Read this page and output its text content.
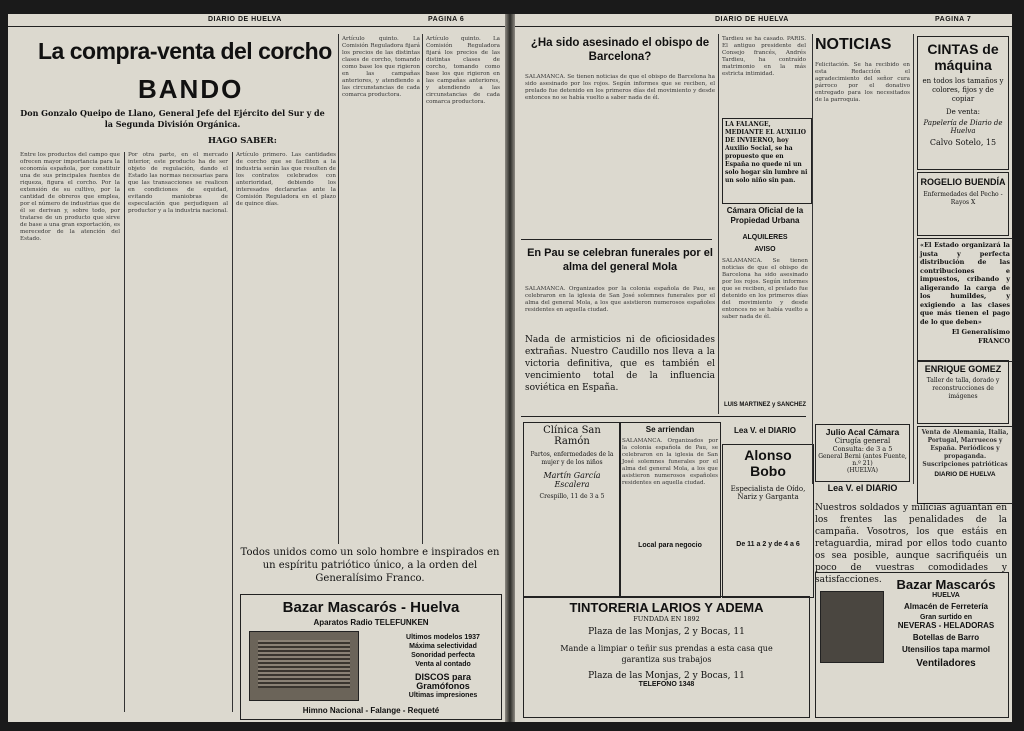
DIARIO DE HUELVA	PAGINA 6
La compra-venta del corcho
BANDO
Don Gonzalo Queipo de Llano, General Jefe del Ejército del Sur y de la Segunda División Orgánica.
HAGO SABER:
Entre los productos del campo que ofrecen mayor importancia para la economía española, por constituir una de sus principales fuentes de riqueza, figura el corcho. Por la extensión de su cultivo, por la cantidad de obreros que emplea, por el número de industrias que de él se derivan y, sobre todo, por tratarse de un producto que sirve de base a una gran exportación, es merecedor de la atención del Estado.
Por otra parte, en el mercado interior, este producto ha de ser objeto de regulación, dando el Estado las normas necesarias para que las transacciones se realicen en condiciones de equidad, evitando maniobras de especulación que perjudiquen al productor y a la industria nacional.
Artículo primero. Las cantidades de corcho que se faciliten a la industria serán las que resulten de los contratos celebrados con anterioridad, debiendo los interesados declararlas ante la Comisión Reguladora en el plazo de quince días.
Artículo quinto. La Comisión Reguladora fijará los precios de las distintas clases de corcho, tomando como base los que rigieron en las campañas anteriores, y atendiendo a las circunstancias de cada comarca productora.
Artículo quinto. La Comisión Reguladora fijará los precios de las distintas clases de corcho, tomando como base los que rigieron en las campañas anteriores, y atendiendo a las circunstancias de cada comarca productora.
Todos unidos como un solo hombre e inspirados en un espíritu patriótico único, a la orden del Generalísimo Franco.
Bazar Mascarós - Huelva
Aparatos Radio TELEFUNKEN
Ultimos modelos 1937
Máxima selectividad
Sonoridad perfecta
Venta al contado
DISCOS para Gramófonos
Ultimas impresiones
Himno Nacional - Falange - Requeté
DIARIO DE HUELVA	PAGINA 7
¿Ha sido asesinado el obispo de Barcelona?
SALAMANCA. Se tienen noticias de que el obispo de Barcelona ha sido asesinado por los rojos. Según informes que se reciben, el prelado fue detenido en los primeros días del movimiento y desde entonces no se había vuelto a saber nada de él.
En Pau se celebran funerales por el alma del general Mola
SALAMANCA. Organizados por la colonia española de Pau, se celebraron en la iglesia de San José solemnes funerales por el alma del general Mola, a los que asistieron numerosos españoles residentes en aquella ciudad.
Nada de armisticios ni de oficiosidades extrañas. Nuestro Caudillo nos lleva a la victoria definitiva, que es también el vencimiento total de la influencia soviética en España.
Tardieu se ha casado. PARIS. El antiguo presidente del Consejo francés, Andrés Tardieu, ha contraído matrimonio en la más estricta intimidad.
LA FALANGE, MEDIANTE EL AUXILIO DE INVIERNO, hoy Auxilio Social, se ha propuesto que en España no quede ni un solo hogar sin lumbre ni un solo niño sin pan.
Cámara Oficial de la Propiedad Urbana
ALQUILERES
AVISO
SALAMANCA. Se tienen noticias de que el obispo de Barcelona ha sido asesinado por los rojos. Según informes que se reciben, el prelado fue detenido en los primeros días del movimiento y desde entonces no se había vuelto a saber nada de él.
LUIS MARTINEZ y SANCHEZ
Clínica San Ramón
Partos, enfermedades de la mujer y de los niños
Martín García Escalera
Crespillo, 11 de 3 a 5
Se arriendan
SALAMANCA. Organizados por la colonia española de Pau, se celebraron en la iglesia de San José solemnes funerales por el alma del general Mola, a los que asistieron numerosos españoles residentes en aquella ciudad.
Local para negocio
Lea V. el DIARIO
Alonso Bobo
Especialista de Oído,
Nariz y Garganta
De 11 a 2 y de 4 a 6
TINTORERIA LARIOS Y ADEMA
FUNDADA EN 1892
Plaza de las Monjas, 2 y Bocas, 11
Mande a limpiar o teñir sus prendas a esta casa que garantiza sus trabajos
Plaza de las Monjas, 2 y Bocas, 11
TELEFONO 1348
NOTICIAS
Felicitación. Se ha recibido en esta Redacción el agradecimiento del señor cura párroco por el donativo entregado para los necesitados de la parroquia.
CINTAS de máquina
en todos los tamaños y colores, fijos y de copiar
De venta:
Papelería de Diario de Huelva
Calvo Sotelo, 15
ROGELIO BUENDÍA
Enfermedades del Pecho - Rayos X
«El Estado organizará la justa y perfecta distribución de las contribuciones e impuestos, cribando y aligerando la carga de los humildes, y exigiendo a las clases que más tienen el pago de lo que deben»
El Generalísimo FRANCO
ENRIQUE GOMEZ
Taller de talla, dorado y reconstrucciones de imágenes
Julio Acal Cámara
Cirugía general
Consulta: de 3 a 5
General Berni (antes Fuente, n.º 21)
(HUELVA)
Lea V. el DIARIO
Venta de Alemania, Italia, Portugal, Marruecos y España. Periódicos y propaganda. Suscripciones patrióticas
DIARIO DE HUELVA
Nuestros soldados y milicias aguantan en los frentes las penalidades de la campaña. Vosotros, los que estáis en retaguardia, mirad por ellos todo cuanto os sea posible, aunque sacrifiquéis un poco de vuestras comodidades y satisfacciones.	Bazar Mascarós
HUELVA
Almacén de Ferretería
Gran surtido en
NEVERAS - HELADORAS
Botellas de Barro
Utensilios tapa marmol
Ventiladores
